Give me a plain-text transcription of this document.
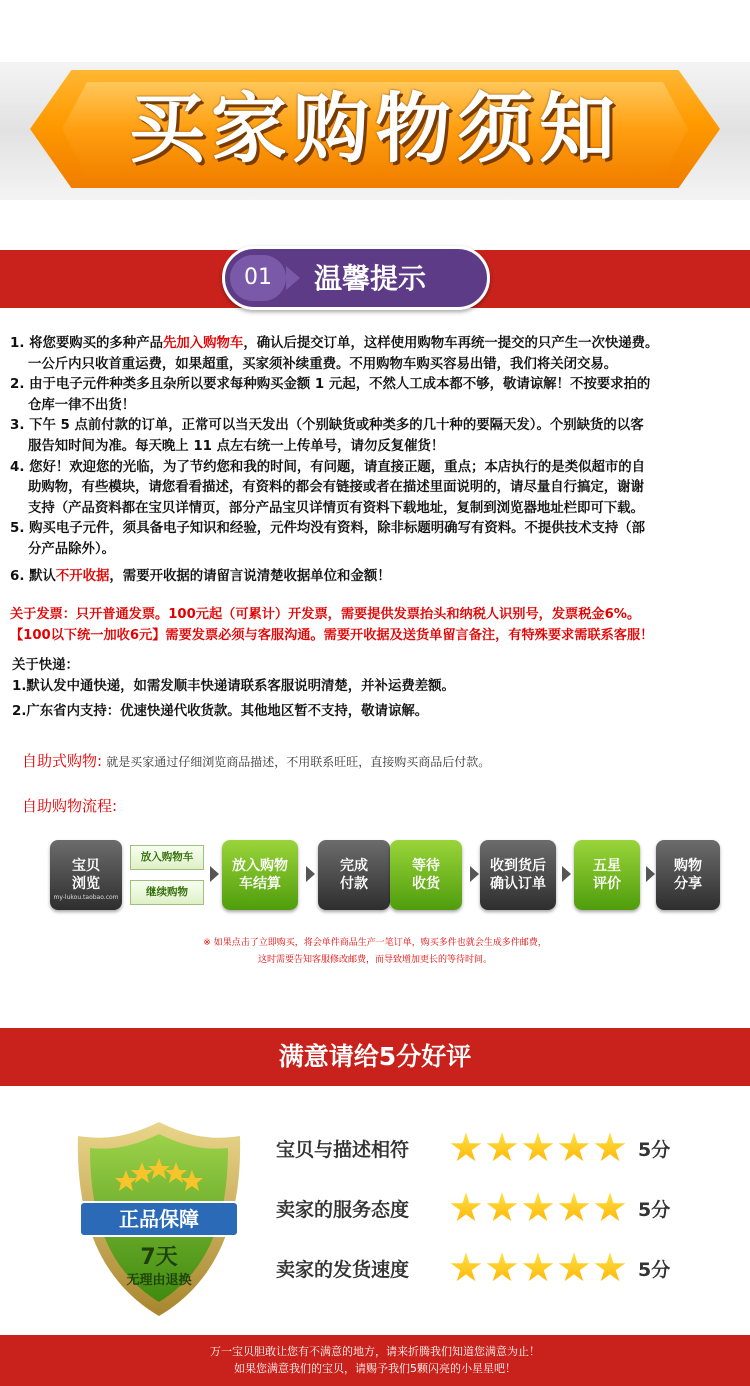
买家购物须知
01	温馨提示
1. 将您要购买的多种产品先加入购物车，确认后提交订单，这样使用购物车再统一提交的只产生一次快递费。
一公斤内只收首重运费，如果超重，买家须补续重费。不用购物车购买容易出错，我们将关闭交易。
2. 由于电子元件种类多且杂所以要求每种购买金额 1 元起，不然人工成本都不够，敬请谅解！不按要求拍的
仓库一律不出货！
3. 下午 5 点前付款的订单，正常可以当天发出（个别缺货或种类多的几十种的要隔天发）。个别缺货的以客
服告知时间为准。每天晚上 11 点左右统一上传单号，请勿反复催货！
4. 您好！欢迎您的光临，为了节约您和我的时间，有问题，请直接正题，重点；本店执行的是类似超市的自
助购物，有些模块，请您看看描述，有资料的都会有链接或者在描述里面说明的，请尽量自行搞定，谢谢
支持（产品资料都在宝贝详情页，部分产品宝贝详情页有资料下载地址，复制到浏览器地址栏即可下载。
5. 购买电子元件，须具备电子知识和经验，元件均没有资料，除非标题明确写有资料。不提供技术支持（部
分产品除外）。
6. 默认不开收据，需要开收据的请留言说清楚收据单位和金额！
关于发票：只开普通发票。100元起（可累计）开发票，需要提供发票抬头和纳税人识别号，发票税金6%。
【100以下统一加收6元】需要发票必须与客服沟通。需要开收据及送货单留言备注，有特殊要求需联系客服！
关于快递：
1.默认发中通快递，如需发顺丰快递请联系客服说明清楚，并补运费差额。
2.广东省内支持：优速快递代收货款。其他地区暂不支持，敬请谅解。
自助式购物: 就是买家通过仔细浏览商品描述，不用联系旺旺，直接购买商品后付款。
自助购物流程:
宝贝浏览
my-lukou.taobao.com
放入购物车
继续购物
放入购物车结算
完成付款
等待收货
收到货后确认订单
五星评价
购物分享
※ 如果点击了立即购买，将会单件商品生产一笔订单，购买多件也就会生成多件邮费，
这时需要告知客服修改邮费，而导致增加更长的等待时间。
满意请给5分好评
正品保障
7天
无理由退换
宝贝与描述相符	5分
卖家的服务态度	5分
卖家的发货速度	5分
万一宝贝胆敢让您有不满意的地方，请来折腾我们知道您满意为止！
如果您满意我们的宝贝，请赐予我们5颗闪亮的小星星吧！
